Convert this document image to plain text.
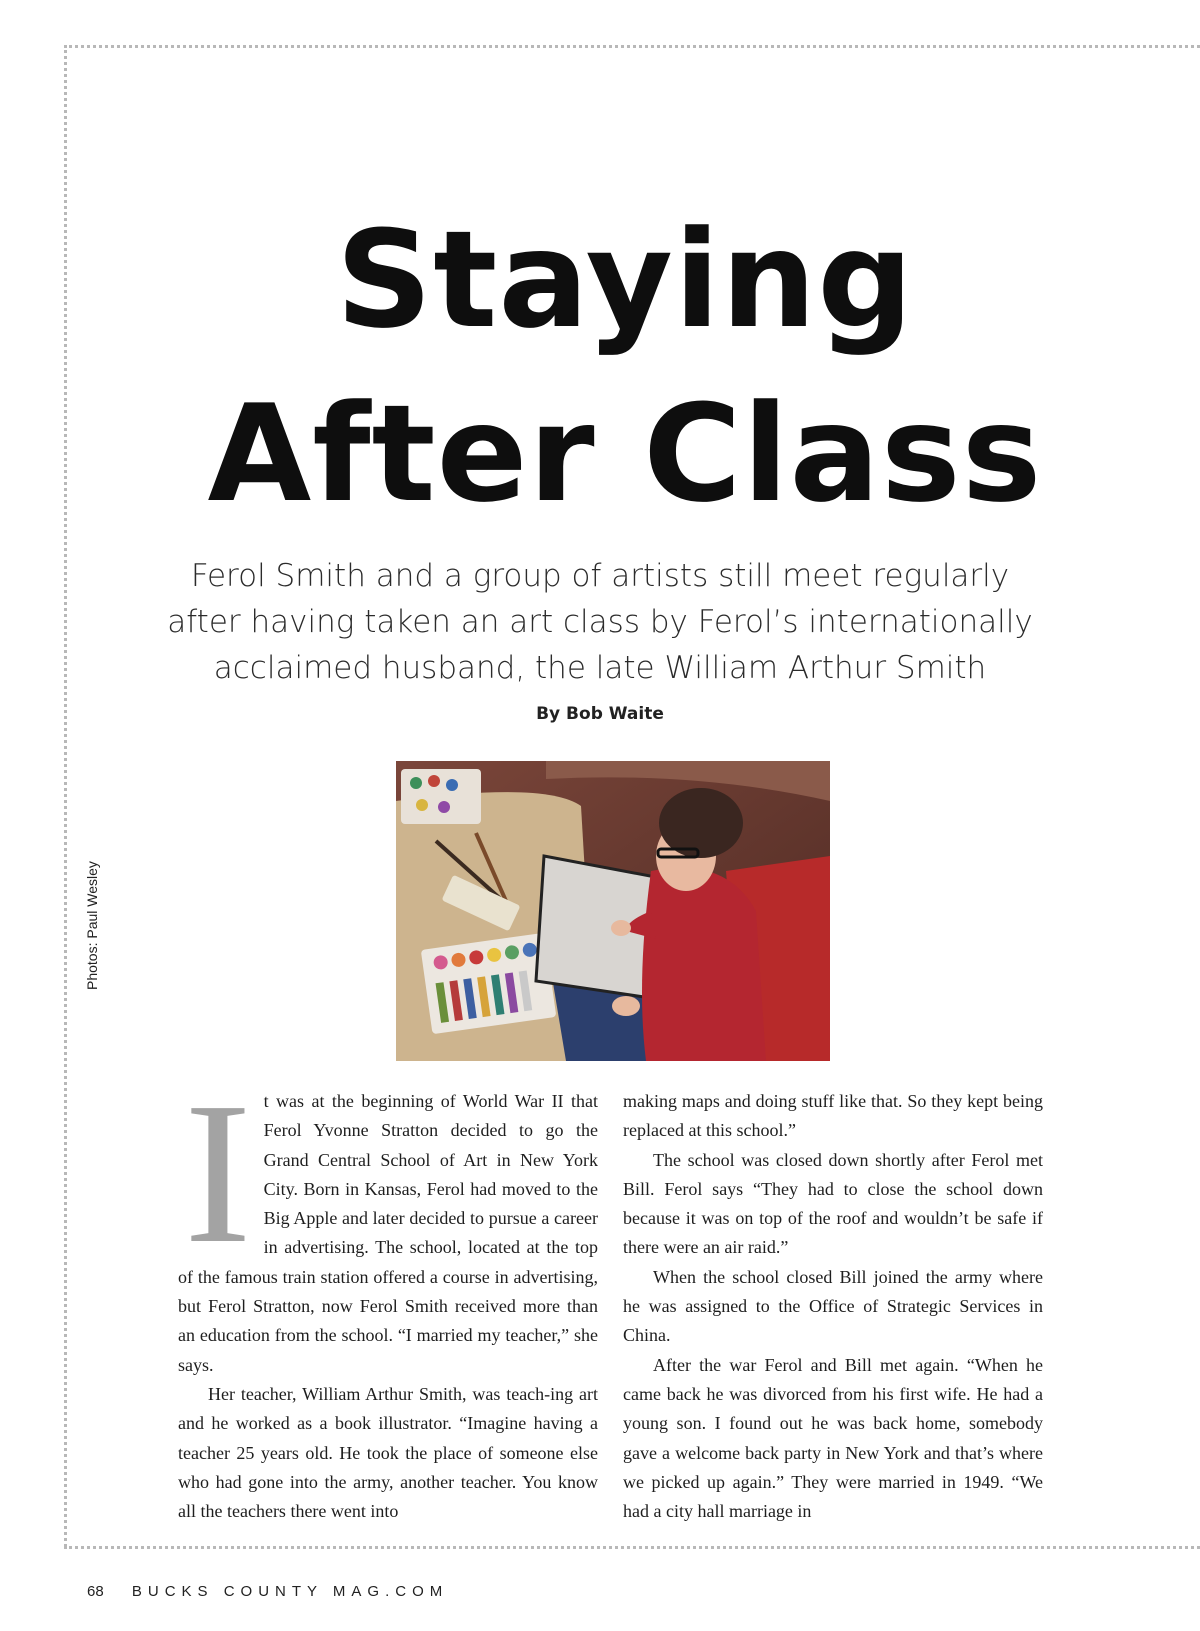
Staying
After Class

Ferol Smith and a group of artists still meet regularly after having taken an art class by Ferol’s internationally acclaimed husband, the late William Arthur Smith

By Bob Waite

Photos: Paul Wesley
I t was at the beginning of World War II that Ferol Yvonne Stratton decided to go the Grand Central School of Art in New York City. Born in Kansas, Ferol had moved to the Big Apple and later decided to pursue a career in advertising. The school, located at the top of the famous train station offered a course in advertising, but Ferol Stratton, now Ferol Smith received more than an education from the school. “I married my teacher,” she says.

Her teacher, William Arthur Smith, was teach-ing art and he worked as a book illustrator. “Imagine having a teacher 25 years old. He took the place of someone else who had gone into the army, another teacher. You know all the teachers there went into

making maps and doing stuff like that. So they kept being replaced at this school.”

The school was closed down shortly after Ferol met Bill. Ferol says “They had to close the school down because it was on top of the roof and wouldn’t be safe if there were an air raid.”

When the school closed Bill joined the army where he was assigned to the Office of Strategic Services in China.

After the war Ferol and Bill met again. “When he came back he was divorced from his first wife. He had a young son. I found out he was back home, somebody gave a welcome back party in New York and that’s where we picked up again.” They were married in 1949. “We had a city hall marriage in

68 BUCKS COUNTY MAG.COM
